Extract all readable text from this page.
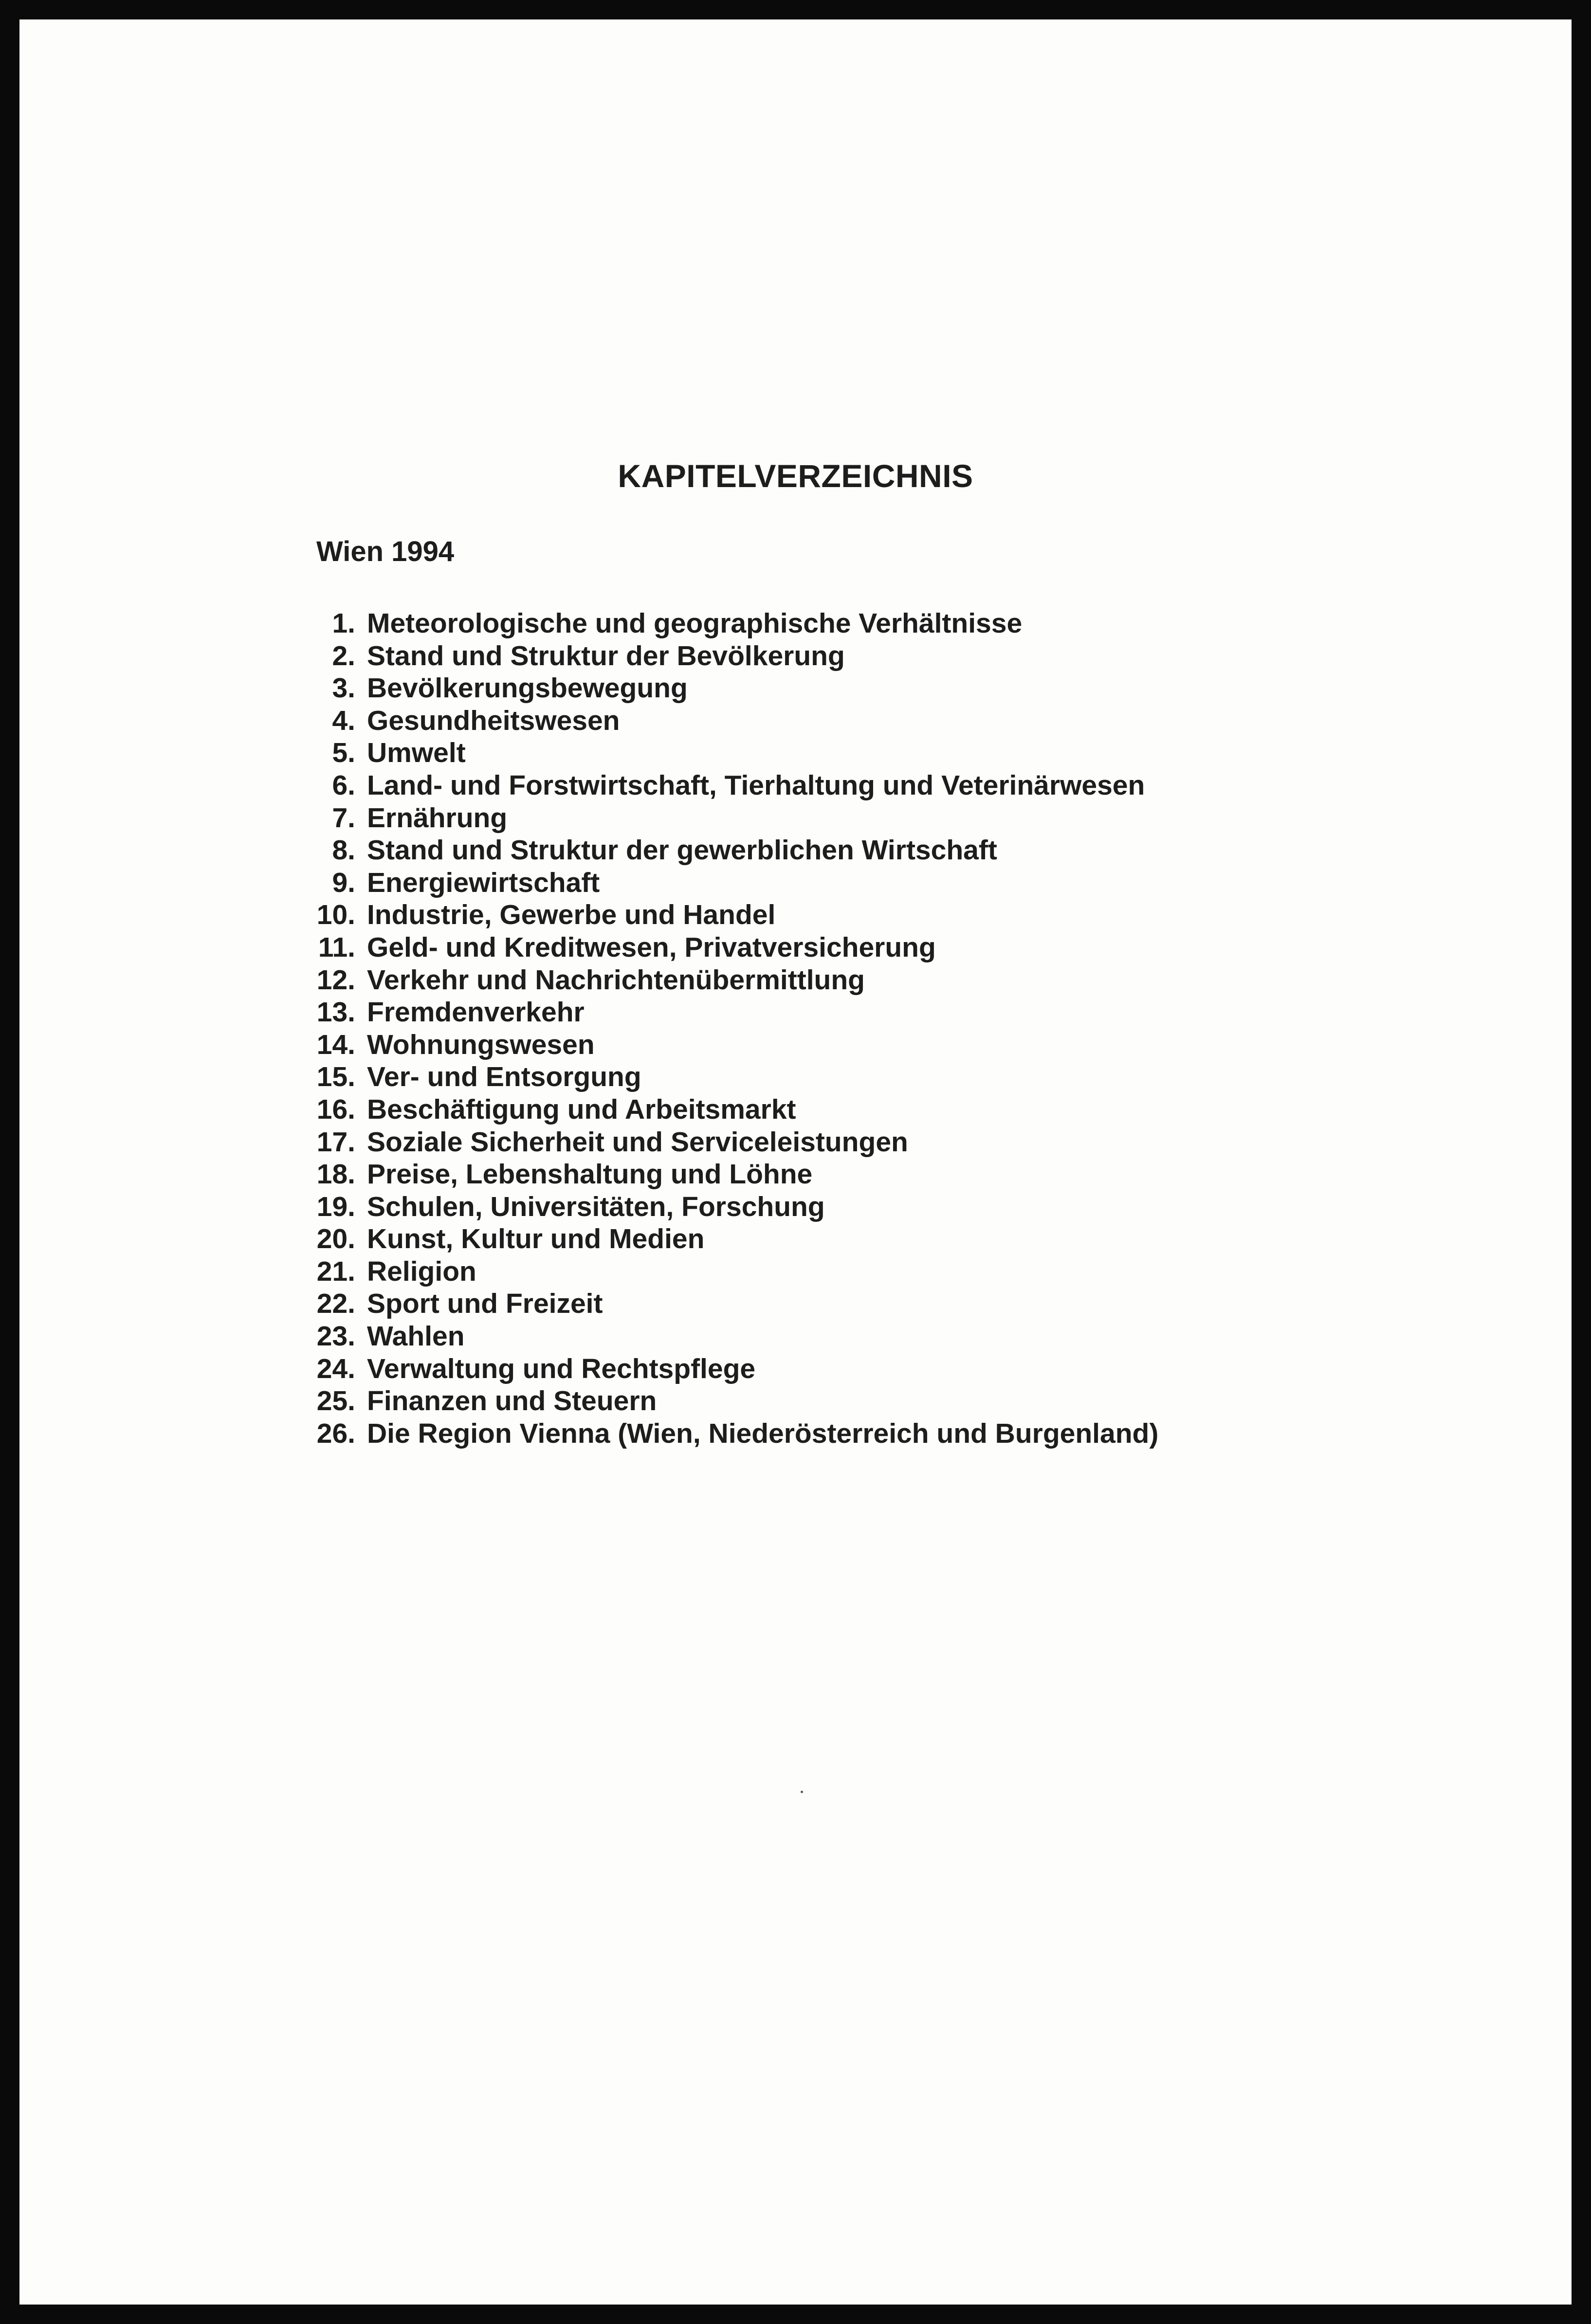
KAPITELVERZEICHNIS

Wien 1994

1. Meteorologische und geographische Verhältnisse
2. Stand und Struktur der Bevölkerung
3. Bevölkerungsbewegung
4. Gesundheitswesen
5. Umwelt
6. Land- und Forstwirtschaft, Tierhaltung und Veterinärwesen
7. Ernährung
8. Stand und Struktur der gewerblichen Wirtschaft
9. Energiewirtschaft
10. Industrie, Gewerbe und Handel
11. Geld- und Kreditwesen, Privatversicherung
12. Verkehr und Nachrichtenübermittlung
13. Fremdenverkehr
14. Wohnungswesen
15. Ver- und Entsorgung
16. Beschäftigung und Arbeitsmarkt
17. Soziale Sicherheit und Serviceleistungen
18. Preise, Lebenshaltung und Löhne
19. Schulen, Universitäten, Forschung
20. Kunst, Kultur und Medien
21. Religion
22. Sport und Freizeit
23. Wahlen
24. Verwaltung und Rechtspflege
25. Finanzen und Steuern
26. Die Region Vienna (Wien, Niederösterreich und Burgenland)
